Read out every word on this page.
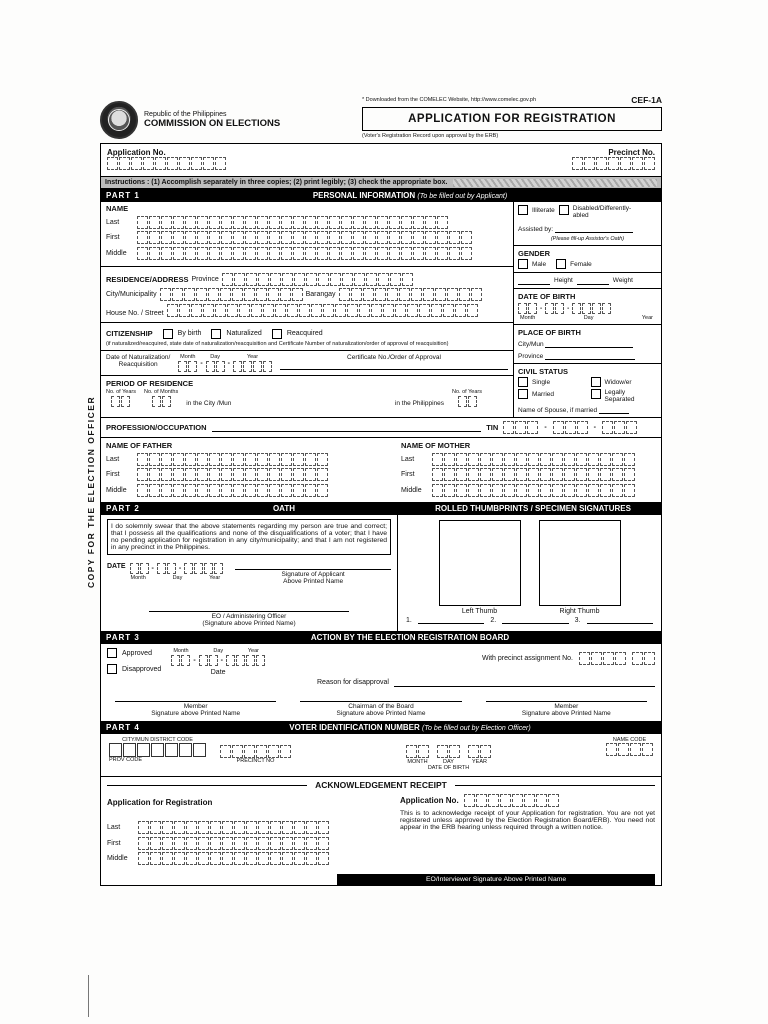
COPY FOR THE ELECTION OFFICER
Republic of the Philippines
COMMISSION ON ELECTIONS
* Downloaded from the COMELEC Website, http://www.comelec.gov.ph	CEF-1A
APPLICATION FOR REGISTRATION
(Voter's Registration Record upon approval by the ERB)
Application No.	Precinct No.
Instructions : (1) Accomplish separately in three copies; (2) print legibly; (3) check the appropriate box.
PART 1	PERSONAL INFORMATION (To be filled out by Applicant)
NAME
Last
First
Middle
RESIDENCE/ADDRESS Province
City/Municipality	Barangay
House No. / Street
CITIZENSHIP	By birth	Naturalized	Reacquired
(if naturalized/reacquired, state date of naturalization/reacquisition and Certificate Number of naturalization/order of approval of reacquisition)
Date of Naturalization/
Reacquisition
Month
-	Day
-	Year	Certificate No./Order of Approval
PERIOD OF RESIDENCE
No. of Years No. of Months
in the City /Mun	in the Philippines
No. of Years
Illiterate	Disabled/Differently-abled
Assisted by:
(Please fill-up Assistor's Oath)
GENDER
Male	Female
Height	Weight
DATE OF BIRTH
-
-
Month	Day	Year
PLACE OF BIRTH
City/Mun
Province
CIVIL STATUS
Single	Widow/er
Married	Legally Separated
Name of Spouse, if married
PROFESSION/OCCUPATION	TIN
-
-
NAME OF FATHER
Last
First
Middle
NAME OF MOTHER
Last
First
Middle
PART 2	OATH	ROLLED THUMBPRINTS / SPECIMEN SIGNATURES
I do solemnly swear that the above statements regarding my person are true and correct; that I possess all the qualifications and none of the disqualifications of a voter; that I have no pending application for registration in any city/municipality; and that I am not registered in any precinct in the Philippines.
DATE
-
-
Month	Day	Year	Signature of Applicant
Above Printed Name
EO / Administering Officer
(Signature above Printed Name)
Left Thumb	Right Thumb
1.	2.	3.
PART 3	ACTION BY THE ELECTION REGISTRATION BOARD
Approved
Disapproved
Month	Day	Year
-
-
Date
With precinct assignment No.
Reason for disapproval
Member
Signature above Printed Name
Chairman of the Board
Signature above Printed Name
Member
Signature above Printed Name
PART 4	VOTER IDENTIFICATION NUMBER (To be filled out by Election Officer)
CITY/MUN DISTRICT CODE
PROV CODE	PRECINCT NO	MONTH	DAY	YEAR
DATE OF BIRTH
NAME CODE
ACKNOWLEDGEMENT RECEIPT
Application for Registration
Last
First
Middle
Application No.
This is to acknowledge receipt of your Application for registration. You are not yet registered unless approved by the Election Registration Board/ERB). You need not appear in the ERB hearing unless required through a written notice.
EO/Interviewer Signature Above Printed Name
